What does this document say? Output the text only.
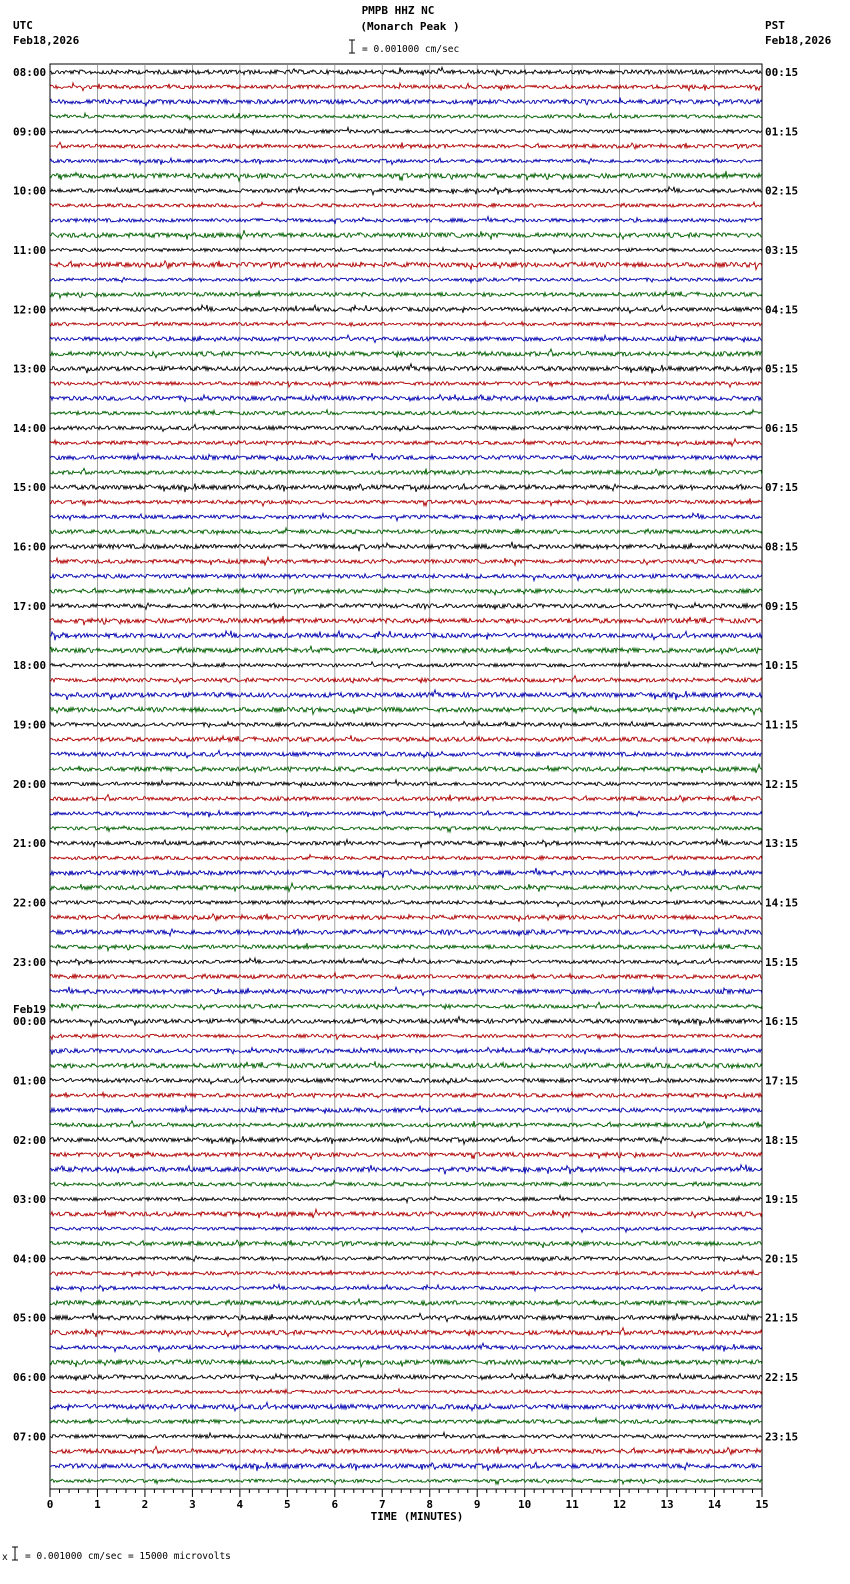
PMPB HHZ NC
(Monarch Peak )
= 0.001000 cm/sec
UTC
Feb18,2026
PST
Feb18,2026
08:00
09:00
10:00
11:00
12:00
13:00
14:00
15:00
16:00
17:00
18:00
19:00
20:00
21:00
22:00
23:00
00:00
01:00
02:00
03:00
04:00
05:00
06:00
07:00
00:15
01:15
02:15
03:15
04:15
05:15
06:15
07:15
08:15
09:15
10:15
11:15
12:15
13:15
14:15
15:15
16:15
17:15
18:15
19:15
20:15
21:15
22:15
23:15
0	1	2	3	4	5	6	7	8	9	10	11	12	13	14	15
Feb19
TIME (MINUTES)
x = 0.001000 cm/sec = 15000 microvolts
